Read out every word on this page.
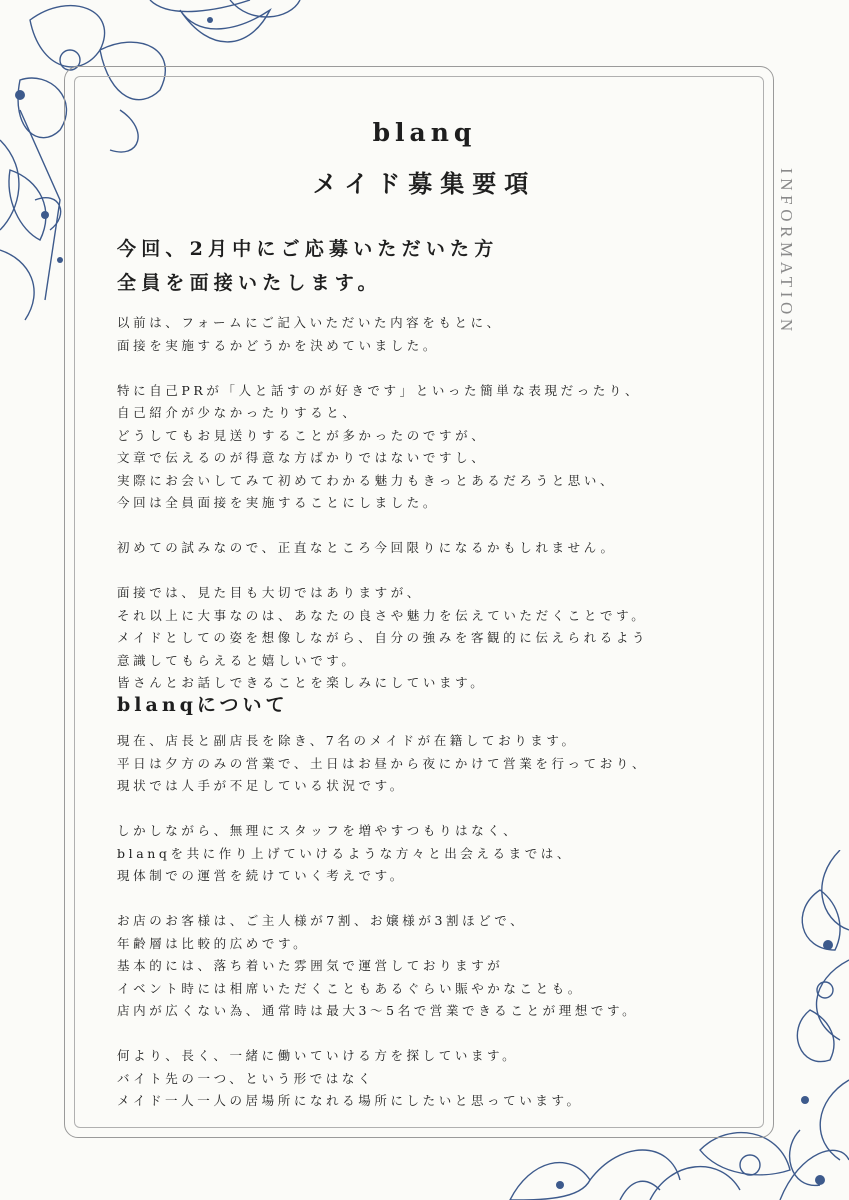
INFORMATION
blanq
メイド募集要項
今回、2月中にご応募いただいた方
全員を面接いたします。
以前は、フォームにご記入いただいた内容をもとに、
面接を実施するかどうかを決めていました。
特に自己PRが「人と話すのが好きです」といった簡単な表現だったり、
自己紹介が少なかったりすると、
どうしてもお見送りすることが多かったのですが、
文章で伝えるのが得意な方ばかりではないですし、
実際にお会いしてみて初めてわかる魅力もきっとあるだろうと思い、
今回は全員面接を実施することにしました。
初めての試みなので、正直なところ今回限りになるかもしれません。
面接では、見た目も大切ではありますが、
それ以上に大事なのは、あなたの良さや魅力を伝えていただくことです。
メイドとしての姿を想像しながら、自分の強みを客観的に伝えられるよう
意識してもらえると嬉しいです。
皆さんとお話しできることを楽しみにしています。
blanqについて
現在、店長と副店長を除き、7名のメイドが在籍しております。
平日は夕方のみの営業で、土日はお昼から夜にかけて営業を行っており、
現状では人手が不足している状況です。
しかしながら、無理にスタッフを増やすつもりはなく、
blanqを共に作り上げていけるような方々と出会えるまでは、
現体制での運営を続けていく考えです。
お店のお客様は、ご主人様が7割、お嬢様が3割ほどで、
年齢層は比較的広めです。
基本的には、落ち着いた雰囲気で運営しておりますが
イベント時には相席いただくこともあるぐらい賑やかなことも。
店内が広くない為、通常時は最大3〜5名で営業できることが理想です。
何より、長く、一緒に働いていける方を探しています。
バイト先の一つ、という形ではなく
メイド一人一人の居場所になれる場所にしたいと思っています。
